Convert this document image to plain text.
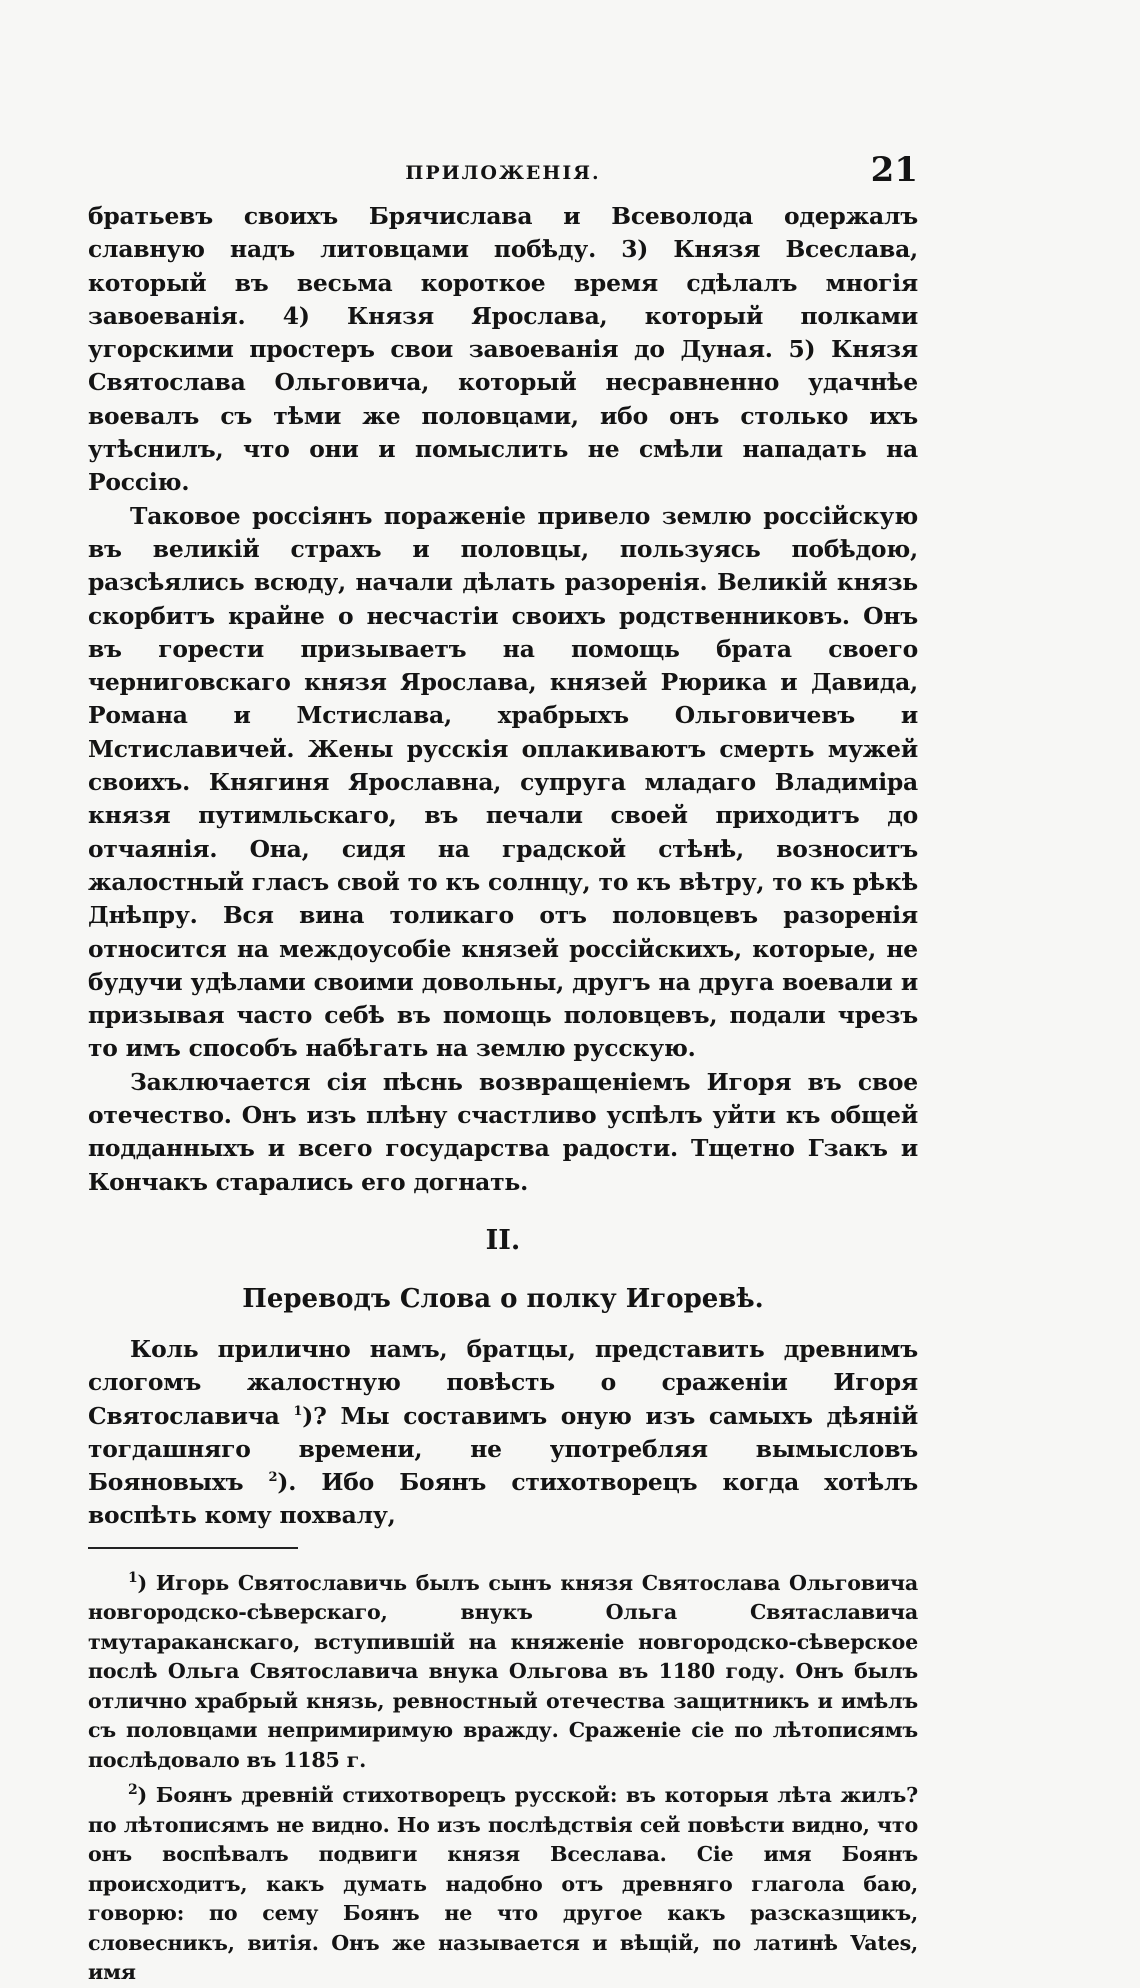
ПРИЛОЖЕНІЯ.	21

братьевъ своихъ Брячислава и Всеволода одержалъ славную надъ литовцами побѣду. 3) Князя Всеслава, который въ весьма короткое время сдѣлалъ многія завоеванія. 4) Князя Ярослава, который полками угорскими простеръ свои завоеванія до Дуная. 5) Князя Святослава Ольговича, который несравненно удачнѣе воевалъ съ тѣми же половцами, ибо онъ столько ихъ утѣснилъ, что они и помыслить не смѣли нападать на Россію.

Таковое россіянъ пораженіе привело землю россійскую въ великій страхъ и половцы, пользуясь побѣдою, разсѣялись всюду, начали дѣлать разоренія. Великій князь скорбитъ крайне о несчастіи своихъ родственниковъ. Онъ въ горести призываетъ на помощь брата своего черниговскаго князя Ярослава, князей Рюрика и Давида, Романа и Мстислава, храбрыхъ Ольговичевъ и Мстиславичей. Жены русскія оплакиваютъ смерть мужей своихъ. Княгиня Ярославна, супруга младаго Владиміра князя путимльскаго, въ печали своей приходитъ до отчаянія. Она, сидя на градской стѣнѣ, возноситъ жалостный гласъ свой то къ солнцу, то къ вѣтру, то къ рѣкѣ Днѣпру. Вся вина толикаго отъ половцевъ разоренія относится на междоусобіе князей россійскихъ, которые, не будучи удѣлами своими довольны, другъ на друга воевали и призывая часто себѣ въ помощь половцевъ, подали чрезъ то имъ способъ набѣгать на землю русскую.

Заключается сія пѣснь возвращеніемъ Игоря въ свое отечество. Онъ изъ плѣну счастливо успѣлъ уйти къ общей подданныхъ и всего государства радости. Тщетно Гзакъ и Кончакъ старались его догнать.

II.
Переводъ Слова о полку Игоревѣ.

Коль прилично намъ, братцы, представить древнимъ слогомъ жалостную повѣсть о сраженіи Игоря Святославича $^1$)? Мы составимъ оную изъ самыхъ дѣяній тогдашняго времени, не употребляя вымысловъ Бояновыхъ $^2$). Ибо Боянъ стихотворецъ когда хотѣлъ воспѣть кому похвалу,

$^1$) Игорь Святославичь былъ сынъ князя Святослава Ольговича новгородско-сѣверскаго, внукъ Ольга Святаславича тмутараканскаго, вступившій на княженіе новгородско-сѣверское послѣ Ольга Святославича внука Ольгова въ 1180 году. Онъ былъ отлично храбрый князь, ревностный отечества защитникъ и имѣлъ съ половцами непримиримую вражду. Сраженіе сіе по лѣтописямъ послѣдовало въ 1185 г.

$^2$) Боянъ древній стихотворецъ русской: въ которыя лѣта жилъ? по лѣтописямъ не видно. Но изъ послѣдствія сей повѣсти видно, что онъ воспѣвалъ подвиги князя Всеслава. Сіе имя Боянъ происходитъ, какъ думать надобно отъ древняго глагола баю, говорю: по сему Боянъ не что другое какъ разсказщикъ, словесникъ, витія. Онъ же называется и вѣщій, по латинѣ Vates, имя
